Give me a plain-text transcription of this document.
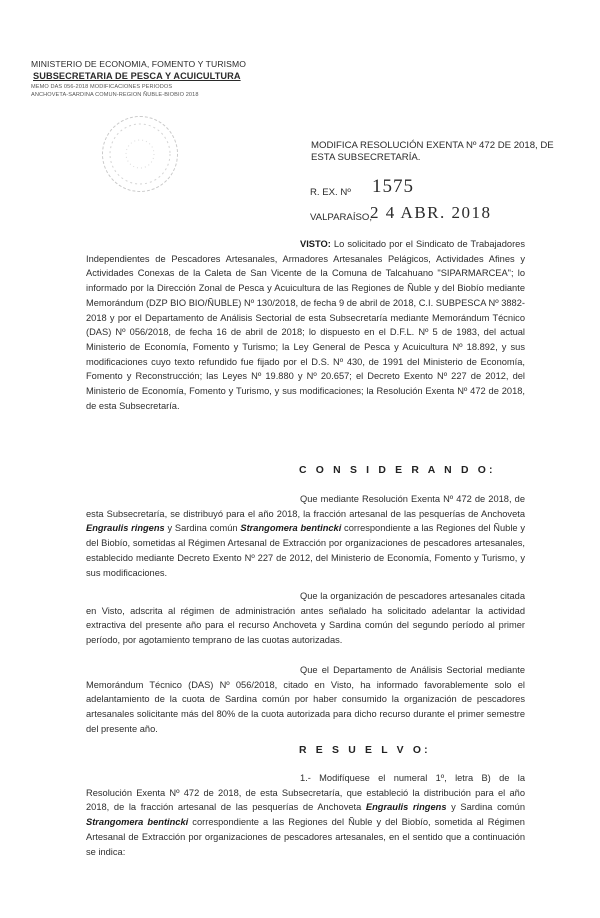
MINISTERIO DE ECONOMIA, FOMENTO Y TURISMO
SUBSECRETARIA DE PESCA Y ACUICULTURA
MEMO DAS 056-2018 MODIFICACIONES PERIODOS
ANCHOVETA-SARDINA COMUN-REGION ÑUBLE-BIOBIO 2018
MODIFICA RESOLUCIÓN EXENTA Nº 472 DE 2018, DE
ESTA SUBSECRETARÍA.
R. EX. Nº 1575
VALPARAÍSO,
2 4 ABR. 2018
VISTO: Lo solicitado por el Sindicato de Trabajadores Independientes de Pescadores Artesanales, Armadores Artesanales Pelágicos, Actividades Afines y Actividades Conexas de la Caleta de San Vicente de la Comuna de Talcahuano "SIPARMARCEA"; lo informado por la Dirección Zonal de Pesca y Acuicultura de las Regiones de Ñuble y del Biobío mediante Memorándum (DZP BIO BIO/ÑUBLE) Nº 130/2018, de fecha 9 de abril de 2018, C.I. SUBPESCA Nº 3882-2018 y por el Departamento de Análisis Sectorial de esta Subsecretaría mediante Memorándum Técnico (DAS) Nº 056/2018, de fecha 16 de abril de 2018; lo dispuesto en el D.F.L. Nº 5 de 1983, del actual Ministerio de Economía, Fomento y Turismo; la Ley General de Pesca y Acuicultura Nº 18.892, y sus modificaciones cuyo texto refundido fue fijado por el D.S. Nº 430, de 1991 del Ministerio de Economía, Fomento y Reconstrucción; las Leyes Nº 19.880 y Nº 20.657; el Decreto Exento Nº 227 de 2012, del Ministerio de Economía, Fomento y Turismo, y sus modificaciones; la Resolución Exenta Nº 472 de 2018, de esta Subsecretaría.
C O N S I D E R A N D O:
Que mediante Resolución Exenta Nº 472 de 2018, de esta Subsecretaría, se distribuyó para el año 2018, la fracción artesanal de las pesquerías de Anchoveta Engraulis ringens y Sardina común Strangomera bentincki correspondiente a las Regiones del Ñuble y del Biobío, sometidas al Régimen Artesanal de Extracción por organizaciones de pescadores artesanales, establecido mediante Decreto Exento Nº 227 de 2012, del Ministerio de Economía, Fomento y Turismo, y sus modificaciones.
Que la organización de pescadores artesanales citada en Visto, adscrita al régimen de administración antes señalado ha solicitado adelantar la actividad extractiva del presente año para el recurso Anchoveta y Sardina común del segundo período al primer período, por agotamiento temprano de las cuotas autorizadas.
Que el Departamento de Análisis Sectorial mediante Memorándum Técnico (DAS) Nº 056/2018, citado en Visto, ha informado favorablemente solo el adelantamiento de la cuota de Sardina común por haber consumido la organización de pescadores artesanales solicitante más del 80% de la cuota autorizada para dicho recurso durante el primer semestre del presente año.
R E S U E L V O:
1.- Modifíquese el numeral 1º, letra B) de la Resolución Exenta Nº 472 de 2018, de esta Subsecretaría, que estableció la distribución para el año 2018, de la fracción artesanal de las pesquerías de Anchoveta Engraulis ringens y Sardina común Strangomera bentincki correspondiente a las Regiones del Ñuble y del Biobío, sometida al Régimen Artesanal de Extracción por organizaciones de pescadores artesanales, en el sentido que a continuación se indica:
